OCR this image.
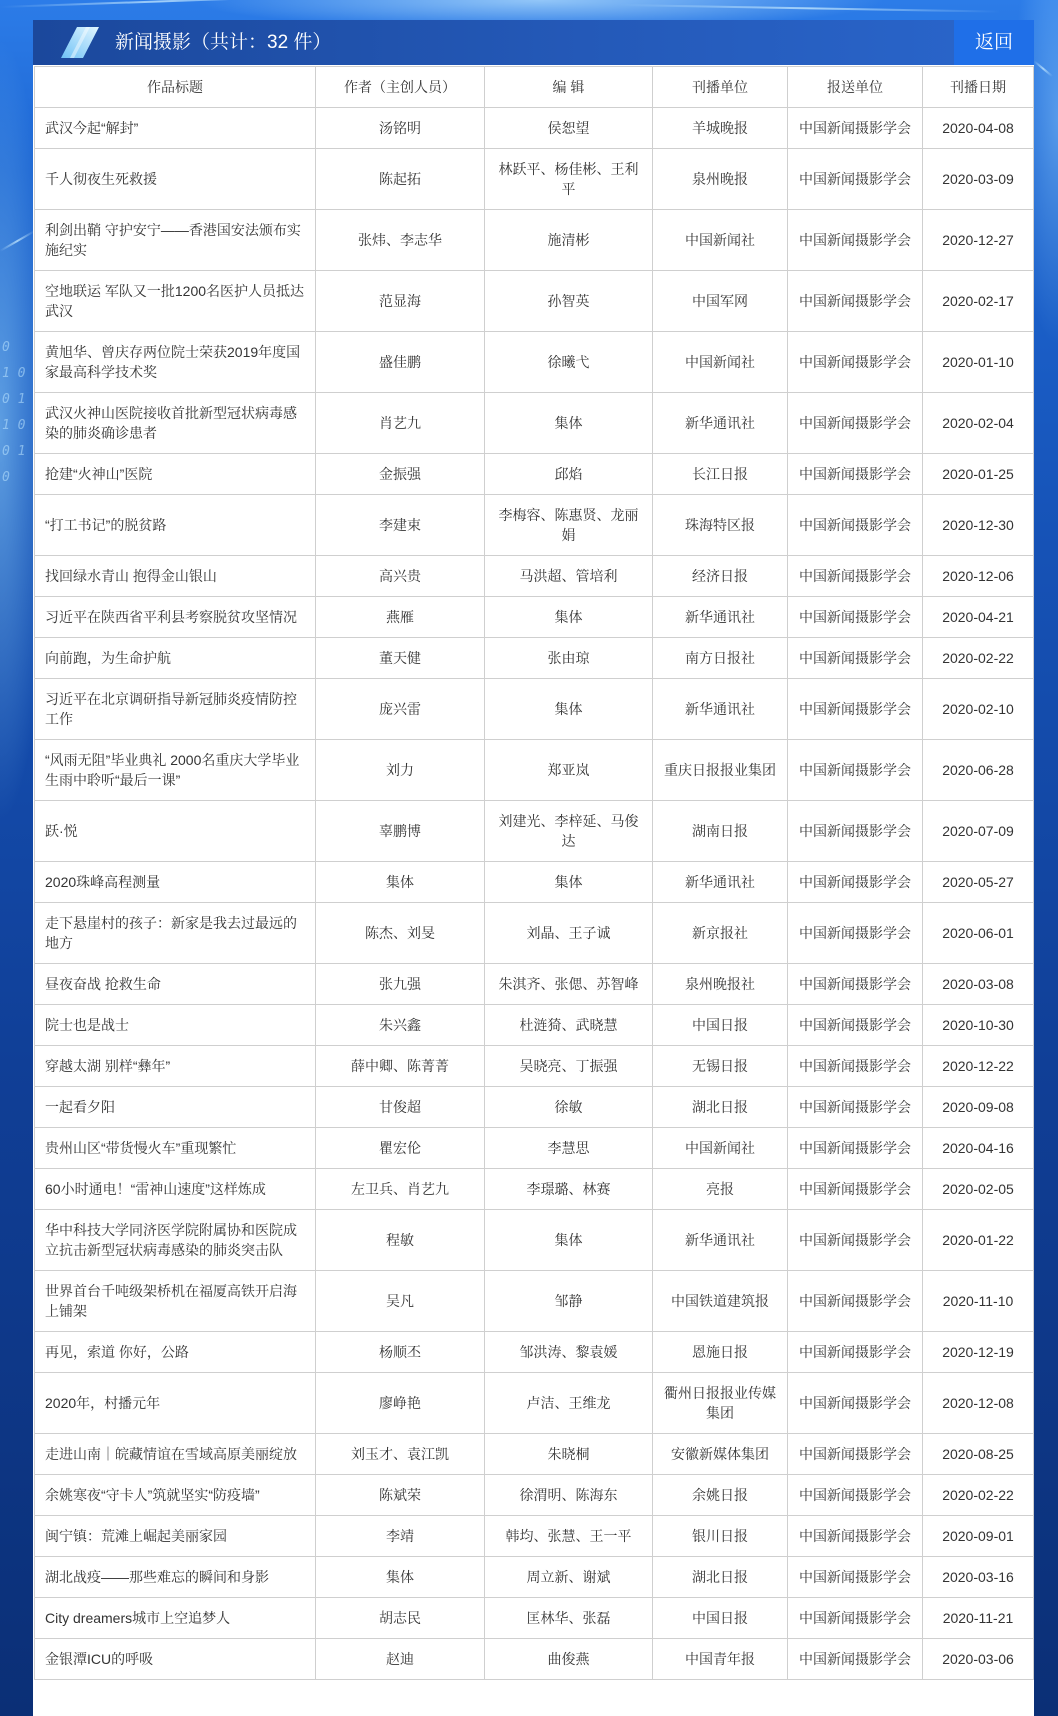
0
1 0
0 1
1 0
0 1
0
新闻摄影（共计：32 件）	返回
作品标题	作者（主创人员）	编 辑	刊播单位	报送单位	刊播日期
武汉今起“解封”	汤铭明	侯恕望	羊城晚报	中国新闻摄影学会	2020-04-08
千人彻夜生死救援	陈起拓	林跃平、杨佳彬、王利平	泉州晚报	中国新闻摄影学会	2020-03-09
利剑出鞘 守护安宁——香港国安法颁布实施纪实	张炜、李志华	施清彬	中国新闻社	中国新闻摄影学会	2020-12-27
空地联运 军队又一批1200名医护人员抵达武汉	范显海	孙智英	中国军网	中国新闻摄影学会	2020-02-17
黄旭华、曾庆存两位院士荣获2019年度国家最高科学技术奖	盛佳鹏	徐曦弋	中国新闻社	中国新闻摄影学会	2020-01-10
武汉火神山医院接收首批新型冠状病毒感染的肺炎确诊患者	肖艺九	集体	新华通讯社	中国新闻摄影学会	2020-02-04
抢建“火神山”医院	金振强	邱焰	长江日报	中国新闻摄影学会	2020-01-25
“打工书记”的脱贫路	李建束	李梅容、陈惠贤、龙丽娟	珠海特区报	中国新闻摄影学会	2020-12-30
找回绿水青山 抱得金山银山	高兴贵	马洪超、管培利	经济日报	中国新闻摄影学会	2020-12-06
习近平在陕西省平利县考察脱贫攻坚情况	燕雁	集体	新华通讯社	中国新闻摄影学会	2020-04-21
向前跑，为生命护航	董天健	张由琼	南方日报社	中国新闻摄影学会	2020-02-22
习近平在北京调研指导新冠肺炎疫情防控工作	庞兴雷	集体	新华通讯社	中国新闻摄影学会	2020-02-10
“风雨无阻”毕业典礼 2000名重庆大学毕业生雨中聆听“最后一课”	刘力	郑亚岚	重庆日报报业集团	中国新闻摄影学会	2020-06-28
跃·悦	辜鹏博	刘建光、李梓延、马俊达	湖南日报	中国新闻摄影学会	2020-07-09
2020珠峰高程测量	集体	集体	新华通讯社	中国新闻摄影学会	2020-05-27
走下悬崖村的孩子：新家是我去过最远的地方	陈杰、刘旻	刘晶、王子诚	新京报社	中国新闻摄影学会	2020-06-01
昼夜奋战 抢救生命	张九强	朱淇齐、张偲、苏智峰	泉州晚报社	中国新闻摄影学会	2020-03-08
院士也是战士	朱兴鑫	杜涟猗、武晓慧	中国日报	中国新闻摄影学会	2020-10-30
穿越太湖 别样“彝年”	薛中卿、陈菁菁	吴晓亮、丁振强	无锡日报	中国新闻摄影学会	2020-12-22
一起看夕阳	甘俊超	徐敏	湖北日报	中国新闻摄影学会	2020-09-08
贵州山区“带货慢火车”重现繁忙	瞿宏伦	李慧思	中国新闻社	中国新闻摄影学会	2020-04-16
60小时通电！“雷神山速度”这样炼成	左卫兵、肖艺九	李璟璐、林赛	亮报	中国新闻摄影学会	2020-02-05
华中科技大学同济医学院附属协和医院成立抗击新型冠状病毒感染的肺炎突击队	程敏	集体	新华通讯社	中国新闻摄影学会	2020-01-22
世界首台千吨级架桥机在福厦高铁开启海上铺架	吴凡	邹静	中国铁道建筑报	中国新闻摄影学会	2020-11-10
再见，索道 你好，公路	杨顺丕	邹洪涛、黎袁媛	恩施日报	中国新闻摄影学会	2020-12-19
2020年，村播元年	廖峥艳	卢洁、王维龙	衢州日报报业传媒集团	中国新闻摄影学会	2020-12-08
走进山南｜皖藏情谊在雪域高原美丽绽放	刘玉才、袁江凯	朱晓桐	安徽新媒体集团	中国新闻摄影学会	2020-08-25
余姚寒夜“守卡人”筑就坚实“防疫墙”	陈斌荣	徐渭明、陈海东	余姚日报	中国新闻摄影学会	2020-02-22
闽宁镇：荒滩上崛起美丽家园	李靖	韩均、张慧、王一平	银川日报	中国新闻摄影学会	2020-09-01
湖北战疫——那些难忘的瞬间和身影	集体	周立新、谢斌	湖北日报	中国新闻摄影学会	2020-03-16
City dreamers城市上空追梦人	胡志民	匡林华、张磊	中国日报	中国新闻摄影学会	2020-11-21
金银潭ICU的呼吸	赵迪	曲俊燕	中国青年报	中国新闻摄影学会	2020-03-06
